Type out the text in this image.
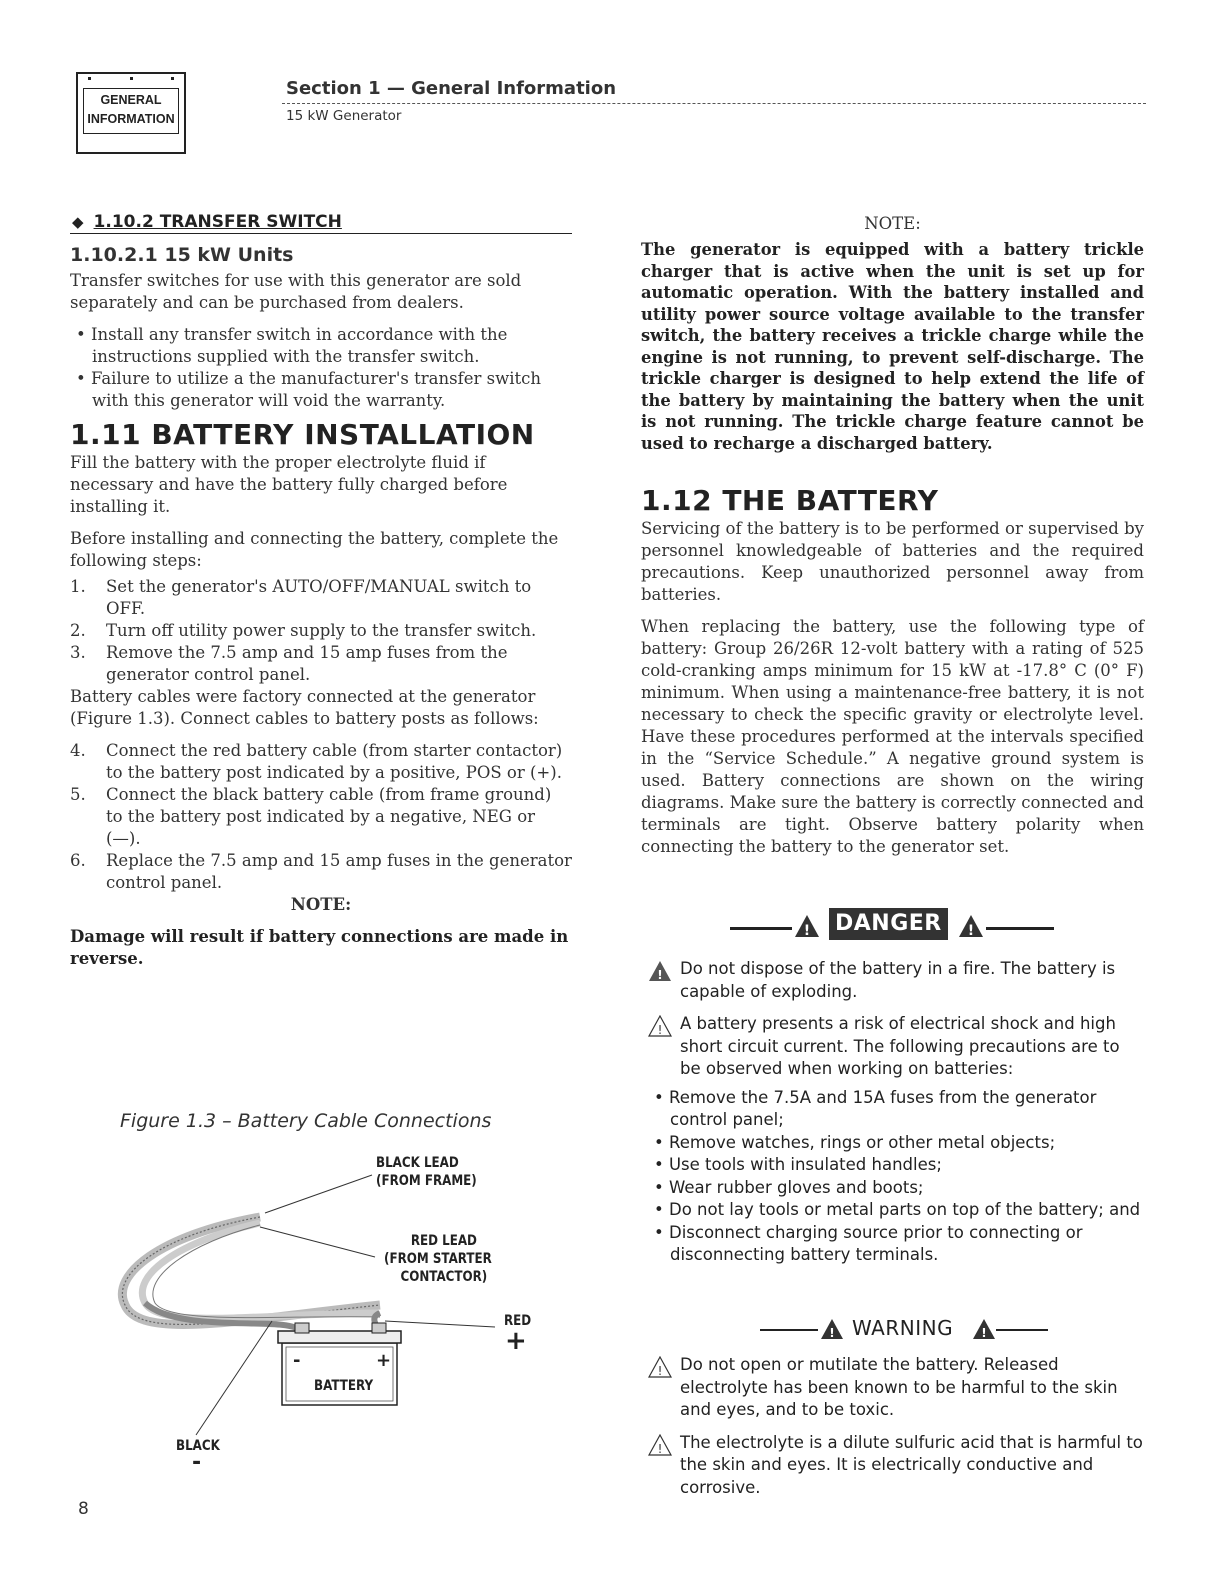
GENERAL
INFORMATION
Section 1 — General Information
15 kW Generator
◆ 1.10.2 TRANSFER SWITCH
1.10.2.1 15 kW Units

Transfer switches for use with this generator are sold separately and can be purchased from dealers.

• Install any transfer switch in accordance with the instructions supplied with the transfer switch.

• Failure to utilize a the manufacturer's transfer switch with this generator will void the warranty.

1.11 BATTERY INSTALLATION

Fill the battery with the proper electrolyte fluid if necessary and have the battery fully charged before installing it.

Before installing and connecting the battery, complete the following steps:

1. Set the generator's AUTO/OFF/MANUAL switch to OFF.

2. Turn off utility power supply to the transfer switch.

3. Remove the 7.5 amp and 15 amp fuses from the generator control panel.

Battery cables were factory connected at the generator (Figure 1.3). Connect cables to battery posts as follows:

4. Connect the red battery cable (from starter contactor) to the battery post indicated by a positive, POS or (+).

5. Connect the black battery cable (from frame ground) to the battery post indicated by a negative, NEG or (—).

6. Replace the 7.5 amp and 15 amp fuses in the generator control panel.

NOTE:

Damage will result if battery connections are made in reverse.

Figure 1.3 – Battery Cable Connections
BLACK LEAD
(FROM FRAME)
RED LEAD
(FROM STARTER
CONTACTOR)
RED
+
-	+
BATTERY
BLACK
-
8

NOTE:

The generator is equipped with a battery trickle charger that is active when the unit is set up for automatic operation. With the battery installed and utility power source voltage available to the transfer switch, the battery receives a trickle charge while the engine is not running, to prevent self-discharge. The trickle charger is designed to help extend the life of the battery by maintaining the battery when the unit is not running. The trickle charge feature cannot be used to recharge a discharged battery.

1.12 THE BATTERY

Servicing of the battery is to be performed or supervised by personnel knowledgeable of batteries and the required precautions. Keep unauthorized personnel away from batteries.

When replacing the battery, use the following type of battery: Group 26/26R 12-volt battery with a rating of 525 cold-cranking amps minimum for 15 kW at -17.8° C (0° F) minimum. When using a maintenance-free battery, it is not necessary to check the specific gravity or electrolyte level. Have these procedures performed at the intervals specified in the “Service Schedule.” A negative ground system is used. Battery connections are shown on the wiring diagrams. Make sure the battery is correctly connected and terminals are tight. Observe battery polarity when connecting the battery to the generator set.

! DANGER	!
! Do not dispose of the battery in a fire. The battery is capable of exploding.

! A battery presents a risk of electrical shock and high short circuit current. The following precautions are to be observed when working on batteries:

• Remove the 7.5A and 15A fuses from the generator control panel;

• Remove watches, rings or other metal objects;

• Use tools with insulated handles;

• Wear rubber gloves and boots;

• Do not lay tools or metal parts on top of the battery; and

• Disconnect charging source prior to connecting or disconnecting battery terminals.

! WARNING !
! Do not open or mutilate the battery. Released electrolyte has been known to be harmful to the skin and eyes, and to be toxic.

! The electrolyte is a dilute sulfuric acid that is harmful to the skin and eyes. It is electrically conductive and corrosive.
